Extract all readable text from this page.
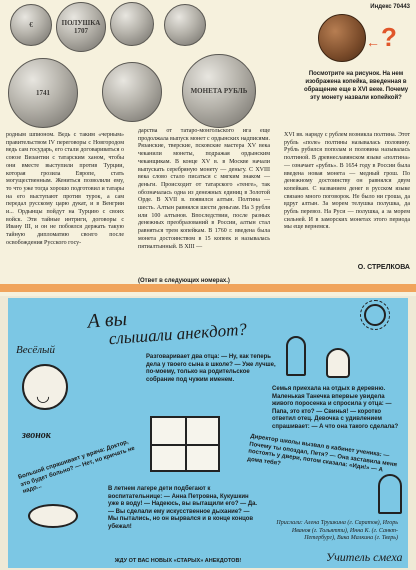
Индекс 70443
€	ПОЛУШКА 1707
1741	МОНЕТА РУБЛЬ
?
←
Посмотрите на рисунок. На нем изображена копейка, введенная в обращение еще в XVI веке. Почему эту монету назвали копейкой?
родным шпионом. Ведь с таким «черным» правительством IV переговоры с Новгородом ведь сам государь, его стали договариваться о союзе Византии с татарским ханом, чтобы они вместе выступили против Турции, которая грозила Европе, стать могущественным. Жениться позволили ему, то что уже тогда хорошо подготовил и татары на его выступают против турок, а сам передал русскому царю дукат, и в Венгрии и... Ордынцы пойдут на Турцию с своих войск. Эти тайные интриги, договоры с Ивану III, и он не побоялся держать такую тайную дипломатию своего после освобождения Русского госу-
дарства от татаро-монгольского ига еще продолжала выпуск монет с ордынских надписями. Рязанские, тверские, псковские мастера XV века чеканили монеты, подражая ордынским чеканщикам. В конце XV в. в Москве начали выпускать серебряную монету — деньгу. С XVIII века слово стало писаться с мягким знаком — деньги. Происходит от татарского «тенге», так обозначалась одна из денежных единиц в Золотой Орде. В XVII в. появился алтын. Полтина — шесть. Алтын равнялся шести деньгам. На 3 рубля или 100 алтынов. Впоследствии, после разных денежных преобразований в России, алтын стал равняться трем копейкам. В 1760 г. введена была монета достоинством в 15 копеек и называлась пятиалтынный. В XIII —
XVI вв. наряду с рублем возникла полтина. Этот рубль «поле» полтины называлась половину. Рубль рубился пополам и половина называлась полтиной. В древнеславянском языке «полтина» — означает «рубль». В 1654 году в России была введена новая монета — медный грош. По денежному достоинству он равнялся двум копейкам. С названием денег в русском языке связано много поговорок. Не было ни гроша, да вдруг алтын. За морем телушка полушка, да рубль перевоз. На Руси — полушка, а за морем сильней. И в заморских монетах этого периода мы еще вернемся.
О. СТРЕЛКОВА
(Ответ в следующих номерах.)
А вы
слышали анекдот?
Весёлый
◡
звонок
Разговаривает два отца: — Ну, как теперь дела у твоего сына в школе? — Уже лучше, по-моему, только на родительское собрание под чужим именем.
Семья приехала на отдых в деревню. Маленькая Танечка впервые увидела живого поросенка и спросила у отца: — Папа, это кто? — Свинья! — коротко ответил отец. Девочка с удивлением спрашивает: — А что она такого сделала?
Директор школы вызвал в кабинет ученика: — Почему ты опоздал, Петя? — Она заставила меня постоять у двери, потом сказала: «Иди!» — А дома тебя?
Большой спрашивает у врача: Доктор, это будет больно? — Нет, но кричать не надо...	В летнем лагере дети подбегают к воспитательнице: — Анна Петровна, Кукушкин уже в воду! — Надеюсь, вы вытащили его? — Да. — Вы сделали ему искусственное дыхание? — Мы пытались, но он вырвался и в конце концов убежал!
Прислали: Алена Трушкина (г. Саратов), Игорь Иванов (г. Тольятти), Инна К. (г. Санкт-Петербург), Вика Малкина (г. Тверь)
ЖДУ ОТ ВАС НОВЫХ «СТАРЫХ» АНЕКДОТОВ!	Учитель смеха
